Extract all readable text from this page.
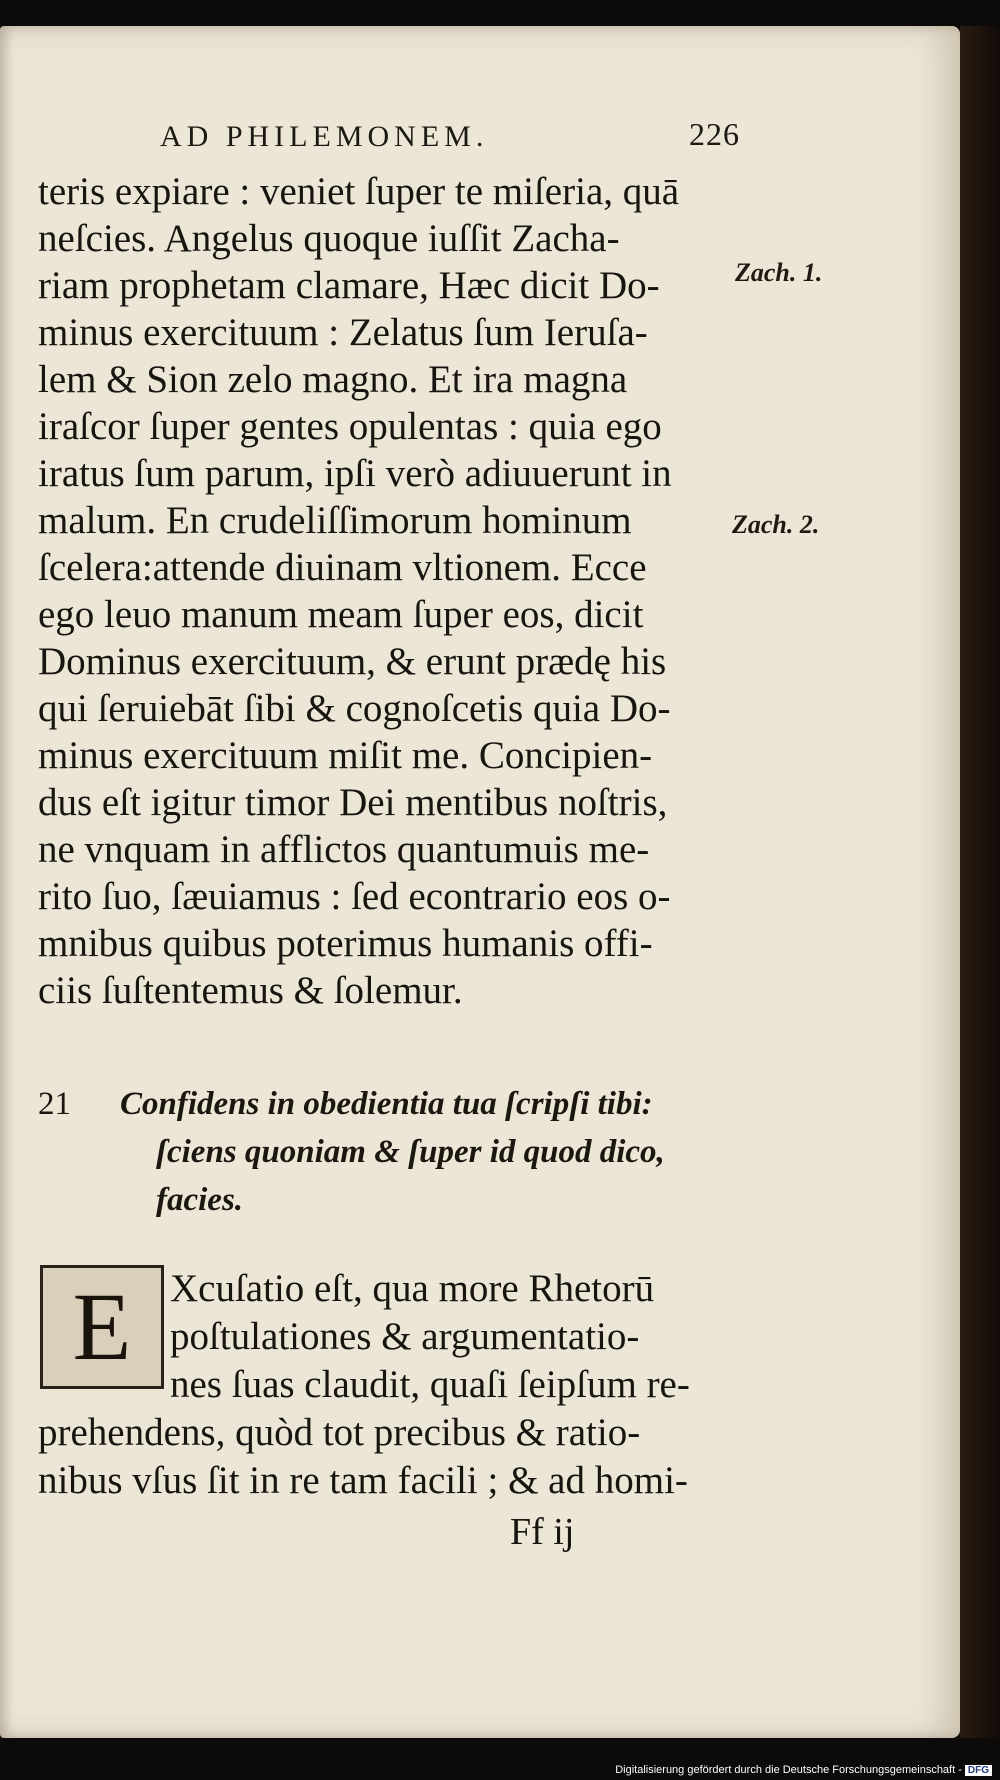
AD PHILEMONEM.	226
teris expiare : veniet ſuper te miſeria, quā
neſcies. Angelus quoque iuſſit Zacha-
riam prophetam clamare, Hæc dicit Do-
minus exercituum : Zelatus ſum Ieruſa-
lem & Sion zelo magno. Et ira magna
iraſcor ſuper gentes opulentas : quia ego
iratus ſum parum, ipſi verò adiuuerunt in
malum. En crudeliſſimorum hominum
ſcelera:attende diuinam vltionem. Ecce
ego leuo manum meam ſuper eos, dicit
Dominus exercituum, & erunt prædę his
qui ſeruiebāt ſibi & cognoſcetis quia Do-
minus exercituum miſit me. Concipien-
dus eſt igitur timor Dei mentibus noſtris,
ne vnquam in afflictos quantumuis me-
rito ſuo, ſæuiamus : ſed econtrario eos o-
mnibus quibus poterimus humanis offi-
ciis ſuſtentemus & ſolemur.
Zach. 1.
Zach. 2.
21 Confidens in obedientia tua ſcripſi tibi:
ſciens quoniam & ſuper id quod dico,
facies.
E Xcuſatio eſt, qua more Rhetorū
poſtulationes & argumentatio-
nes ſuas claudit, quaſi ſeipſum re-
prehendens, quòd tot precibus & ratio-
nibus vſus ſit in re tam facili ; & ad homi-
Ff ij
Digitalisierung gefördert durch die Deutsche Forschungsgemeinschaft - DFG
